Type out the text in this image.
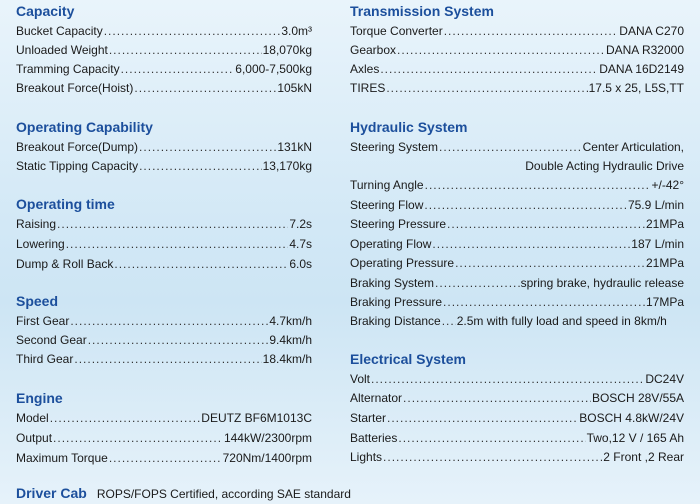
Capacity
Bucket Capacity .....	3.0m³
Unloaded Weight .....	18,070kg
Tramming Capacity .....	6,000-7,500kg
Breakout Force(Hoist) .....	105kN
Operating Capability
Breakout Force(Dump) .....	131kN
Static Tipping Capacity .....	13,170kg
Operating time
Raising .....	7.2s
Lowering .....	4.7s
Dump & Roll Back .....	6.0s
Speed
First Gear .....	4.7km/h
Second Gear .....	9.4km/h
Third Gear .....	18.4km/h
Engine
Model .....	DEUTZ BF6M1013C
Output .....	144kW/2300rpm
Maximum Torque .....	720Nm/1400rpm
Transmission System
Torque Converter .....	DANA C270
Gearbox .....	DANA R32000
Axles .....	DANA 16D2149
TIRES .....	17.5 x 25, L5S,TT
Hydraulic System
Steering System .....	Center Articulation,
Double Acting Hydraulic Drive
Turning Angle .....	+/-42°
Steering Flow .....	75.9 L/min
Steering Pressure .....	21MPa
Operating Flow .....	187 L/min
Operating Pressure .....	21MPa
Braking System .....	spring brake, hydraulic release
Braking Pressure .....	17MPa
Braking Distance ..... 2.5m with fully load and speed in 8km/h
Electrical System
Volt .....	DC24V
Alternator .....	BOSCH 28V/55A
Starter .....	BOSCH 4.8kW/24V
Batteries .....	Two,12 V / 165 Ah
Lights .....	2 Front ,2 Rear
Driver Cab ROPS/FOPS Certified, according SAE standard
